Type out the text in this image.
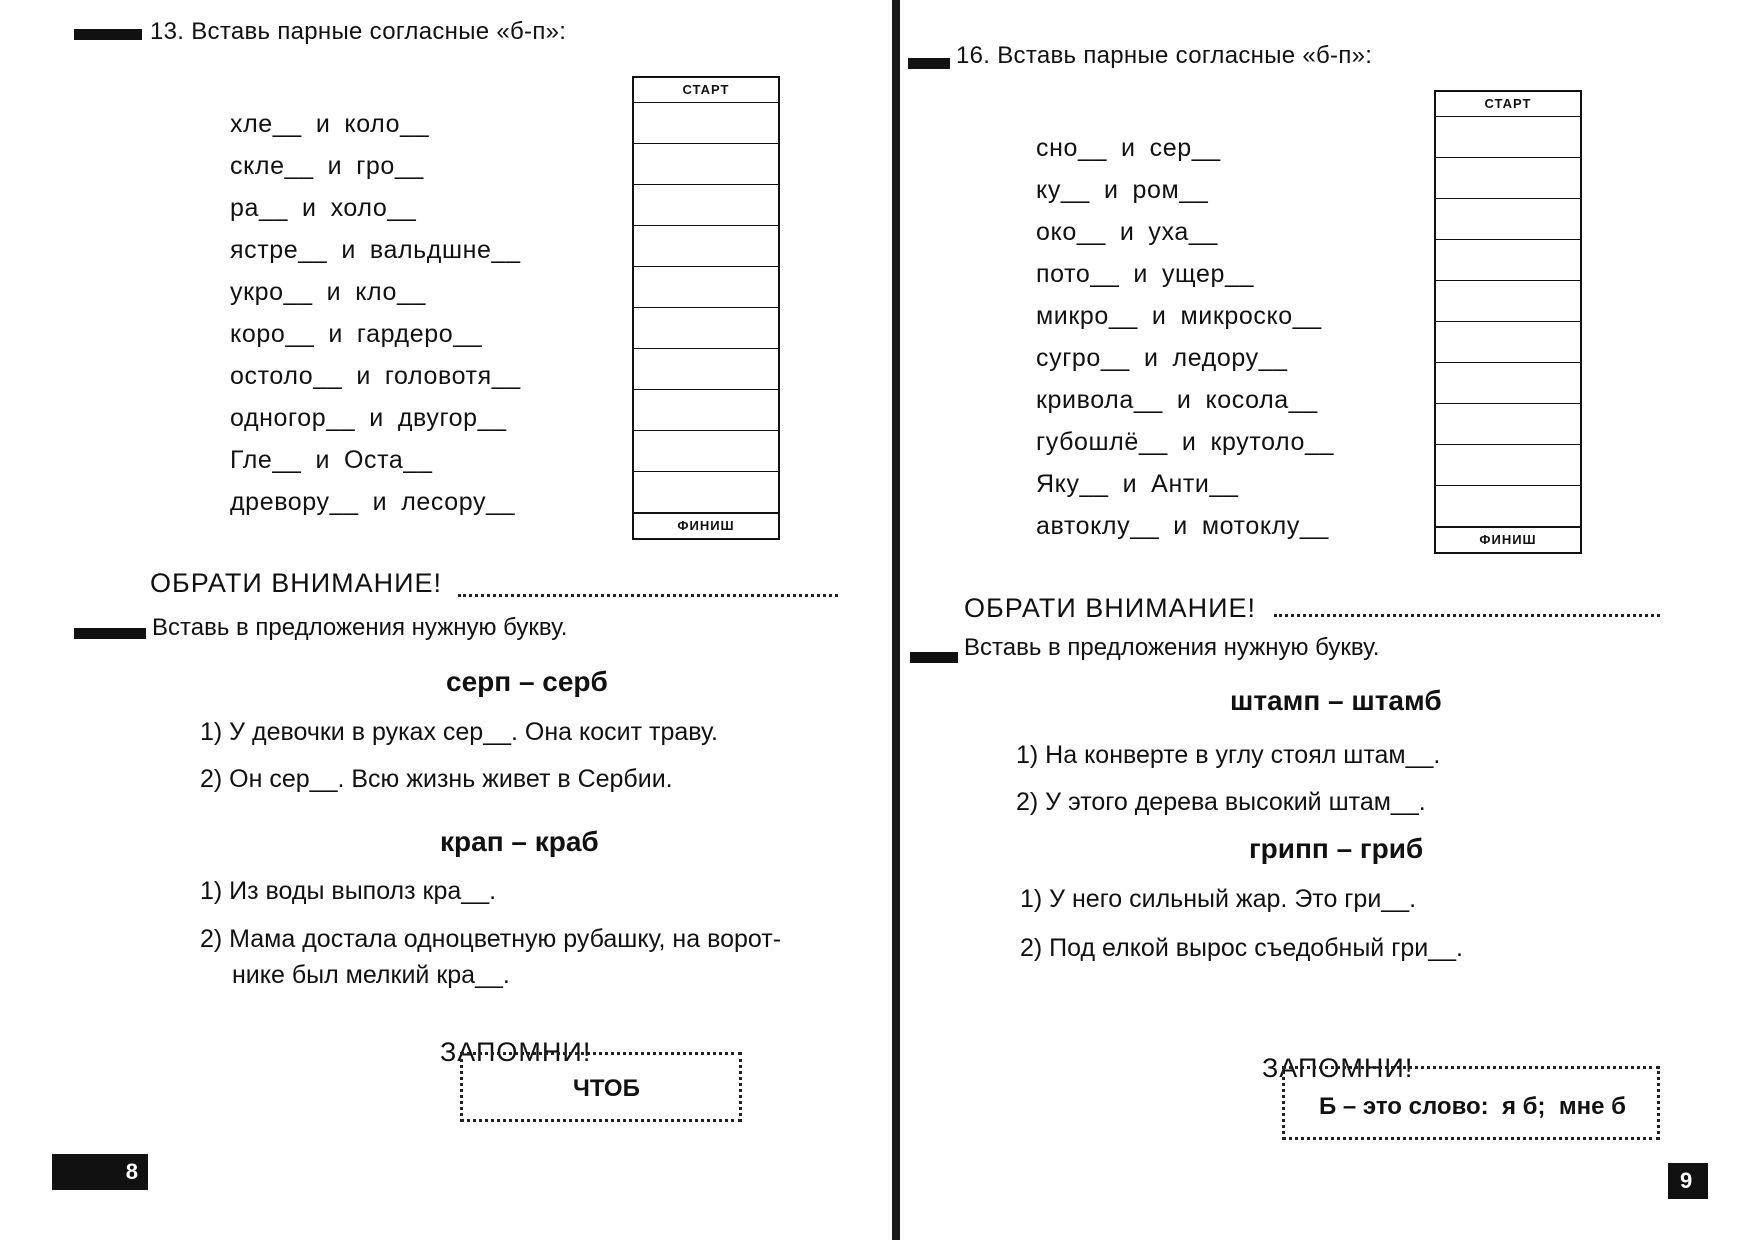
13. Вставь парные согласные «б-п»:
хле__ и коло__
скле__ и гро__
ра__ и холо__
ястре__ и вальдшне__
укро__ и кло__
коро__ и гардеро__
остоло__ и головотя__
одногор__ и двугор__
Гле__ и Оста__
древору__ и лесору__
СТАРТ
ФИНИШ
ОБРАТИ ВНИМАНИЕ!
Вставь в предложения нужную букву.
серп – серб
1) У девочки в руках сер__. Она косит траву.
2) Он сер__. Всю жизнь живет в Сербии.
крап – краб
1) Из воды выполз кра__.
2) Мама достала одноцветную рубашку, на ворот-
нике был мелкий кра__.
ЗАПОМНИ!
ЧТОБ
8
16. Вставь парные согласные «б-п»:
сно__ и сер__
ку__ и ром__
око__ и уха__
пото__ и ущер__
микро__ и микроско__
сугро__ и ледору__
кривола__ и косола__
губошлё__ и крутоло__
Яку__ и Анти__
автоклу__ и мотоклу__
СТАРТ
ФИНИШ
ОБРАТИ ВНИМАНИЕ!
Вставь в предложения нужную букву.
штамп – штамб
1) На конверте в углу стоял штам__.
2) У этого дерева высокий штам__.
грипп – гриб
1) У него сильный жар. Это гри__.
2) Под елкой вырос съедобный гри__.
ЗАПОМНИ!
Б – это слово:  я б;  мне б
9
